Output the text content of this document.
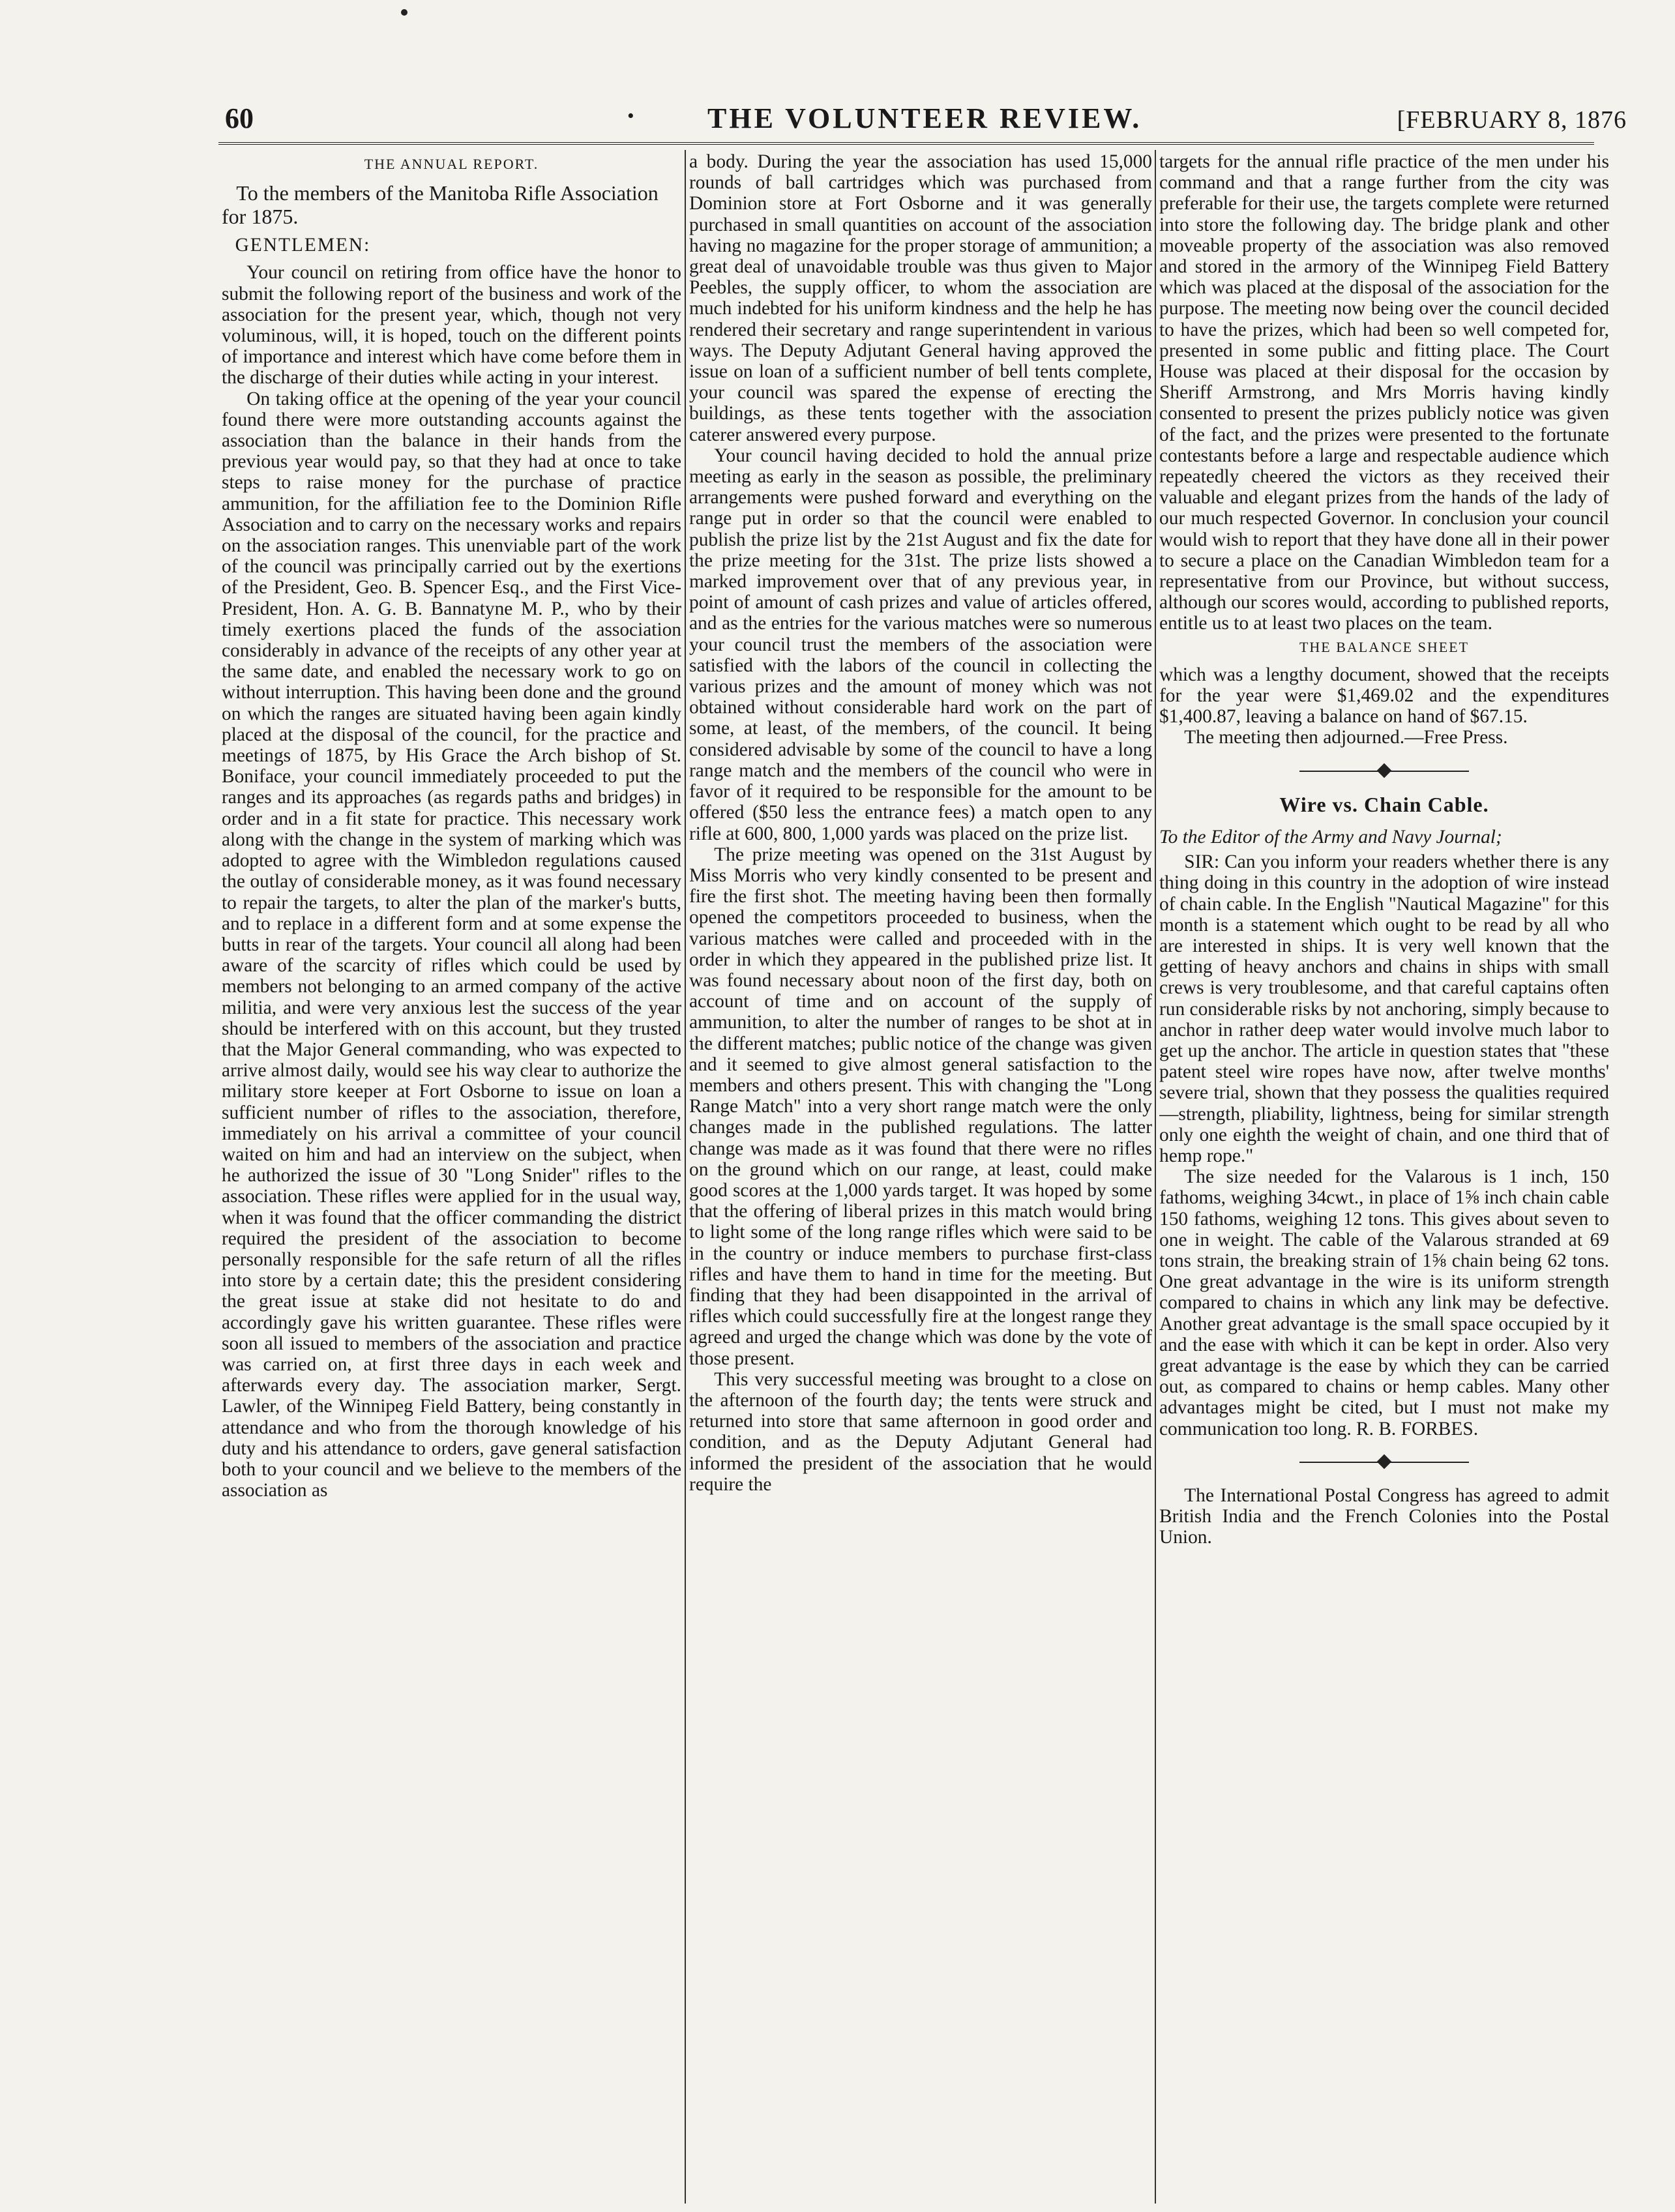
60	·	THE VOLUNTEER REVIEW.	[FEBRUARY 8, 1876

THE ANNUAL REPORT.

To the members of the Manitoba Rifle Association for 1875.

GENTLEMEN:

Your council on retiring from office have the honor to submit the following report of the business and work of the association for the present year, which, though not very voluminous, will, it is hoped, touch on the different points of importance and interest which have come before them in the discharge of their duties while acting in your interest.

On taking office at the opening of the year your council found there were more outstanding accounts against the association than the balance in their hands from the previous year would pay, so that they had at once to take steps to raise money for the purchase of practice ammunition, for the affiliation fee to the Dominion Rifle Association and to carry on the necessary works and repairs on the association ranges. This unenviable part of the work of the council was principally carried out by the exertions of the President, Geo. B. Spencer Esq., and the First Vice-President, Hon. A. G. B. Bannatyne M. P., who by their timely exertions placed the funds of the association considerably in advance of the receipts of any other year at the same date, and enabled the necessary work to go on without interruption. This having been done and the ground on which the ranges are situated having been again kindly placed at the disposal of the council, for the practice and meetings of 1875, by His Grace the Arch bishop of St. Boniface, your council immediately proceeded to put the ranges and its approaches (as regards paths and bridges) in order and in a fit state for practice. This necessary work along with the change in the system of marking which was adopted to agree with the Wimbledon regulations caused the outlay of considerable money, as it was found necessary to repair the targets, to alter the plan of the marker's butts, and to replace in a different form and at some expense the butts in rear of the targets. Your council all along had been aware of the scarcity of rifles which could be used by members not belonging to an armed company of the active militia, and were very anxious lest the success of the year should be interfered with on this account, but they trusted that the Major General commanding, who was expected to arrive almost daily, would see his way clear to authorize the military store keeper at Fort Osborne to issue on loan a sufficient number of rifles to the association, therefore, immediately on his arrival a committee of your council waited on him and had an interview on the subject, when he authorized the issue of 30 "Long Snider" rifles to the association. These rifles were applied for in the usual way, when it was found that the officer commanding the district required the president of the association to become personally responsible for the safe return of all the rifles into store by a certain date; this the president considering the great issue at stake did not hesitate to do and accordingly gave his written guarantee. These rifles were soon all issued to members of the association and practice was carried on, at first three days in each week and afterwards every day. The association marker, Sergt. Lawler, of the Winnipeg Field Battery, being constantly in attendance and who from the thorough knowledge of his duty and his attendance to orders, gave general satisfaction both to your council and we believe to the members of the association as

a body. During the year the association has used 15,000 rounds of ball cartridges which was purchased from Dominion store at Fort Osborne and it was generally purchased in small quantities on account of the association having no magazine for the proper storage of ammunition; a great deal of unavoidable trouble was thus given to Major Peebles, the supply officer, to whom the association are much indebted for his uniform kindness and the help he has rendered their secretary and range superintendent in various ways. The Deputy Adjutant General having approved the issue on loan of a sufficient number of bell tents complete, your council was spared the expense of erecting the buildings, as these tents together with the association caterer answered every purpose.

Your council having decided to hold the annual prize meeting as early in the season as possible, the preliminary arrangements were pushed forward and everything on the range put in order so that the council were enabled to publish the prize list by the 21st August and fix the date for the prize meeting for the 31st. The prize lists showed a marked improvement over that of any previous year, in point of amount of cash prizes and value of articles offered, and as the entries for the various matches were so numerous your council trust the members of the association were satisfied with the labors of the council in collecting the various prizes and the amount of money which was not obtained without considerable hard work on the part of some, at least, of the members, of the council. It being considered advisable by some of the council to have a long range match and the members of the council who were in favor of it required to be responsible for the amount to be offered ($50 less the entrance fees) a match open to any rifle at 600, 800, 1,000 yards was placed on the prize list.

The prize meeting was opened on the 31st August by Miss Morris who very kindly consented to be present and fire the first shot. The meeting having been then formally opened the competitors proceeded to business, when the various matches were called and proceeded with in the order in which they appeared in the published prize list. It was found necessary about noon of the first day, both on account of time and on account of the supply of ammunition, to alter the number of ranges to be shot at in the different matches; public notice of the change was given and it seemed to give almost general satisfaction to the members and others present. This with changing the "Long Range Match" into a very short range match were the only changes made in the published regulations. The latter change was made as it was found that there were no rifles on the ground which on our range, at least, could make good scores at the 1,000 yards target. It was hoped by some that the offering of liberal prizes in this match would bring to light some of the long range rifles which were said to be in the country or induce members to purchase first-class rifles and have them to hand in time for the meeting. But finding that they had been disappointed in the arrival of rifles which could successfully fire at the longest range they agreed and urged the change which was done by the vote of those present.

This very successful meeting was brought to a close on the afternoon of the fourth day; the tents were struck and returned into store that same afternoon in good order and condition, and as the Deputy Adjutant General had informed the president of the association that he would require the

targets for the annual rifle practice of the men under his command and that a range further from the city was preferable for their use, the targets complete were returned into store the following day. The bridge plank and other moveable property of the association was also removed and stored in the armory of the Winnipeg Field Battery which was placed at the disposal of the association for the purpose. The meeting now being over the council decided to have the prizes, which had been so well competed for, presented in some public and fitting place. The Court House was placed at their disposal for the occasion by Sheriff Armstrong, and Mrs Morris having kindly consented to present the prizes publicly notice was given of the fact, and the prizes were presented to the fortunate contestants before a large and respectable audience which repeatedly cheered the victors as they received their valuable and elegant prizes from the hands of the lady of our much respected Governor. In conclusion your council would wish to report that they have done all in their power to secure a place on the Canadian Wimbledon team for a representative from our Province, but without success, although our scores would, according to published reports, entitle us to at least two places on the team.

THE BALANCE SHEET

which was a lengthy document, showed that the receipts for the year were $1,469.02 and the expenditures $1,400.87, leaving a balance on hand of $67.15.

The meeting then adjourned.—Free Press.

Wire vs. Chain Cable.

To the Editor of the Army and Navy Journal;

SIR: Can you inform your readers whether there is any thing doing in this country in the adoption of wire instead of chain cable. In the English "Nautical Magazine" for this month is a statement which ought to be read by all who are interested in ships. It is very well known that the getting of heavy anchors and chains in ships with small crews is very troublesome, and that careful captains often run considerable risks by not anchoring, simply because to anchor in rather deep water would involve much labor to get up the anchor. The article in question states that "these patent steel wire ropes have now, after twelve months' severe trial, shown that they possess the qualities required—strength, pliability, lightness, being for similar strength only one eighth the weight of chain, and one third that of hemp rope."

The size needed for the Valarous is 1 inch, 150 fathoms, weighing 34cwt., in place of 1⅝ inch chain cable 150 fathoms, weighing 12 tons. This gives about seven to one in weight. The cable of the Valarous stranded at 69 tons strain, the breaking strain of 1⅝ chain being 62 tons. One great advantage in the wire is its uniform strength compared to chains in which any link may be defective. Another great advantage is the small space occupied by it and the ease with which it can be kept in order. Also very great advantage is the ease by which they can be carried out, as compared to chains or hemp cables. Many other advantages might be cited, but I must not make my communication too long. R. B. FORBES.

The International Postal Congress has agreed to admit British India and the French Colonies into the Postal Union.
